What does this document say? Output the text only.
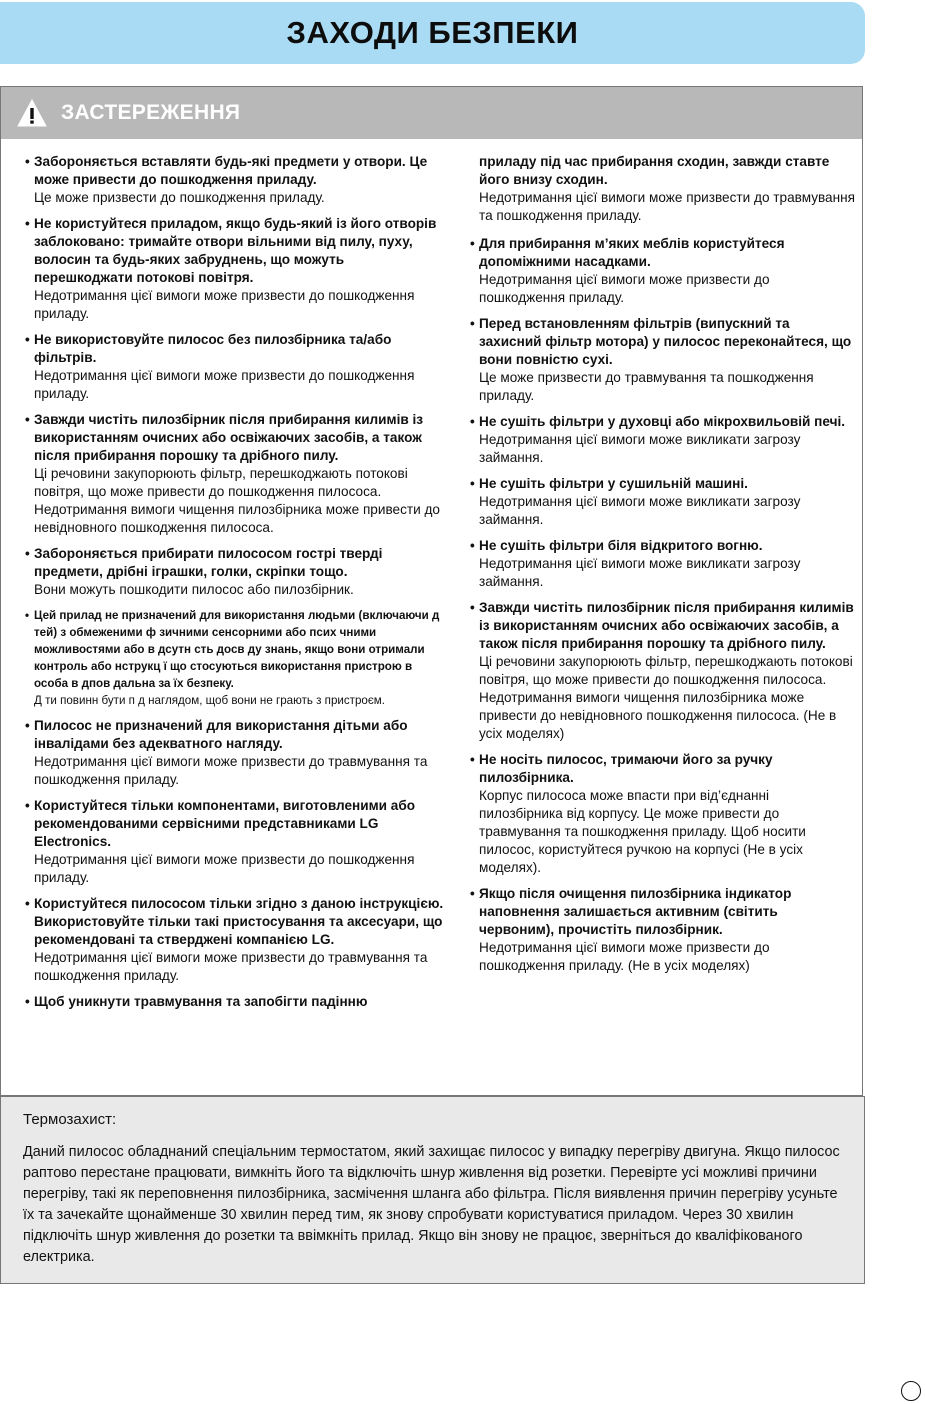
ЗАХОДИ БЕЗПЕКИ
ЗАСТЕРЕЖЕННЯ
• Забороняється вставляти будь-які предмети у отвори. Це може привести до пошкодження приладу.
Це може призвести до пошкодження приладу.
• Не користуйтеся приладом, якщо будь-який із його отворів заблоковано: тримайте отвори вільними від пилу, пуху, волосин та будь-яких забруднень, що можуть перешкоджати потокові повітря.
Недотримання цієї вимоги може призвести до пошкодження приладу.
• Не використовуйте пилосос без пилозбірника та/або фільтрів.
Недотримання цієї вимоги може призвести до пошкодження приладу.
• Завжди чистіть пилозбірник після прибирання килимів із використанням очисних або освіжаючих засобів, а також після прибирання порошку та дрібного пилу.
Ці речовини закупорюють фільтр, перешкоджають потокові повітря, що може привести до пошкодження пилососа. Недотримання вимоги чищення пилозбірника може привести до невідновного пошкодження пилососа.
• Забороняється прибирати пилососом гострі тверді предмети, дрібні іграшки, голки, скріпки тощо.
Вони можуть пошкодити пилосос або пилозбірник.
• Цей прилад не призначений для використання людьми (включаючи д тей) з обмеженими ф зичними сенсорними або псих чними можливостями або в дсутн сть досв ду знань, якщо вони отримали контроль або нструкц ї що стосуються використання пристрою в особа в дпов дальна за їх безпеку.
Д ти повинн бути п д наглядом, щоб вони не грають з пристроєм.
• Пилосос не призначений для використання дітьми або інвалідами без адекватного нагляду.
Недотримання цієї вимоги може призвести до травмування та пошкодження приладу.
• Користуйтеся тільки компонентами, виготовленими або рекомендованими сервісними представниками LG Electronics.
Недотримання цієї вимоги може призвести до пошкодження приладу.
• Користуйтеся пилососом тільки згідно з даною інструкцією. Використовуйте тільки такі пристосування та аксесуари, що рекомендовані та стверджені компанією LG.
Недотримання цієї вимоги може призвести до травмування та пошкодження приладу.
• Щоб уникнути травмування та запобігти падінню
приладу під час прибирання сходин, завжди ставте його внизу сходин.
Недотримання цієї вимоги може призвести до травмування та пошкодження приладу.
• Для прибирання м’яких меблів користуйтеся допоміжними насадками.
Недотримання цієї вимоги може призвести до пошкодження приладу.
• Перед встановленням фільтрів (випускний та захисний фільтр мотора) у пилосос переконайтеся, що вони повністю сухі.
Це може призвести до травмування та пошкодження приладу.
• Не сушіть фільтри у духовці або мікрохвильовій печі.
Недотримання цієї вимоги може викликати загрозу займання.
• Не сушіть фільтри у сушильній машині.
Недотримання цієї вимоги може викликати загрозу займання.
• Не сушіть фільтри біля відкритого вогню.
Недотримання цієї вимоги може викликати загрозу займання.
• Завжди чистіть пилозбірник після прибирання килимів із використанням очисних або освіжаючих засобів, а також після прибирання порошку та дрібного пилу.
Ці речовини закупорюють фільтр, перешкоджають потокові повітря, що може привести до пошкодження пилососа. Недотримання вимоги чищення пилозбірника може привести до невідновного пошкодження пилососа. (Не в усіх моделях)
• Не носіть пилосос, тримаючи його за ручку пилозбірника.
Корпус пилососа може впасти при від’єднанні пилозбірника від корпусу. Це може привести до травмування та пошкодження приладу. Щоб носити пилосос, користуйтеся ручкою на корпусі (Не в усіх моделях).
• Якщо після очищення пилозбірника індикатор наповнення залишається активним (світить червоним), прочистіть пилозбірник.
Недотримання цієї вимоги може призвести до пошкодження приладу. (Не в усіх моделях)
Термозахист:
Даний пилосос обладнаний спеціальним термостатом, який захищає пилосос у випадку перегріву двигуна. Якщо пилосос раптово перестане працювати, вимкніть його та відключіть шнур живлення від розетки. Перевірте усі можливі причини перегріву, такі як переповнення пилозбірника, засмічення шланга або фільтра. Після виявлення причин перегріву усуньте їх та зачекайте щонайменше 30 хвилин перед тим, як знову спробувати користуватися приладом. Через 30 хвилин підключіть шнур живлення до розетки та ввімкніть прилад. Якщо він знову не працює, зверніться до кваліфікованого електрика.
